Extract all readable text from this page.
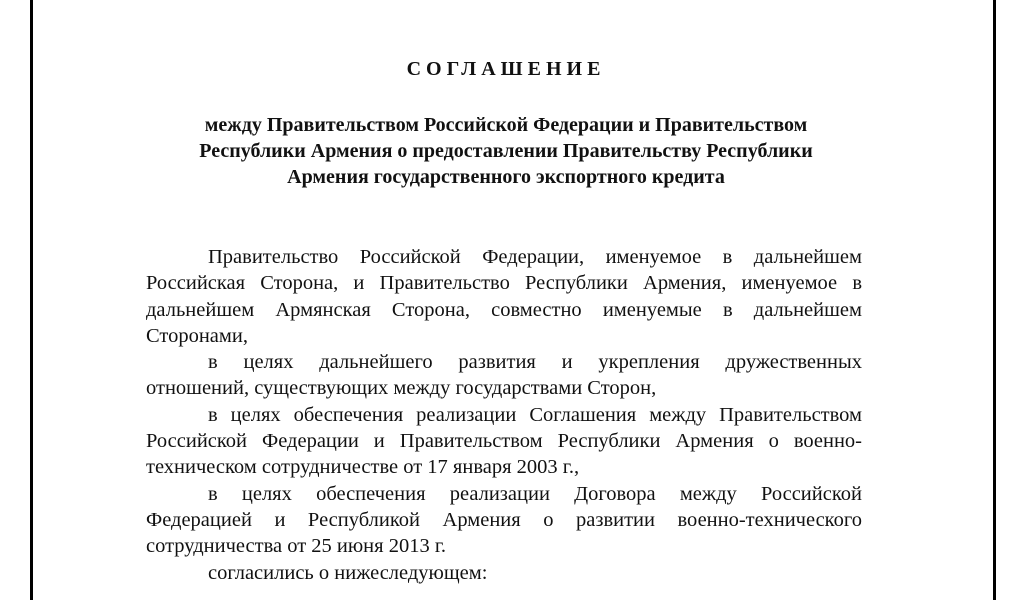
СОГЛАШЕНИЕ
между Правительством Российской Федерации и Правительством
Республики Армения о предоставлении Правительству Республики
Армения государственного экспортного кредита
Правительство Российской Федерации, именуемое в дальнейшем
Российская Сторона, и Правительство Республики Армения, именуемое в
дальнейшем Армянская Сторона, совместно именуемые в дальнейшем
Сторонами,
в целях дальнейшего развития и укрепления дружественных
отношений, существующих между государствами Сторон,
в целях обеспечения реализации Соглашения между Правительством
Российской Федерации и Правительством Республики Армения о военно-
техническом сотрудничестве от 17 января 2003 г.,
в целях обеспечения реализации Договора между Российской
Федерацией и Республикой Армения о развитии военно-технического
сотрудничества от 25 июня 2013 г.
согласились о нижеследующем:
